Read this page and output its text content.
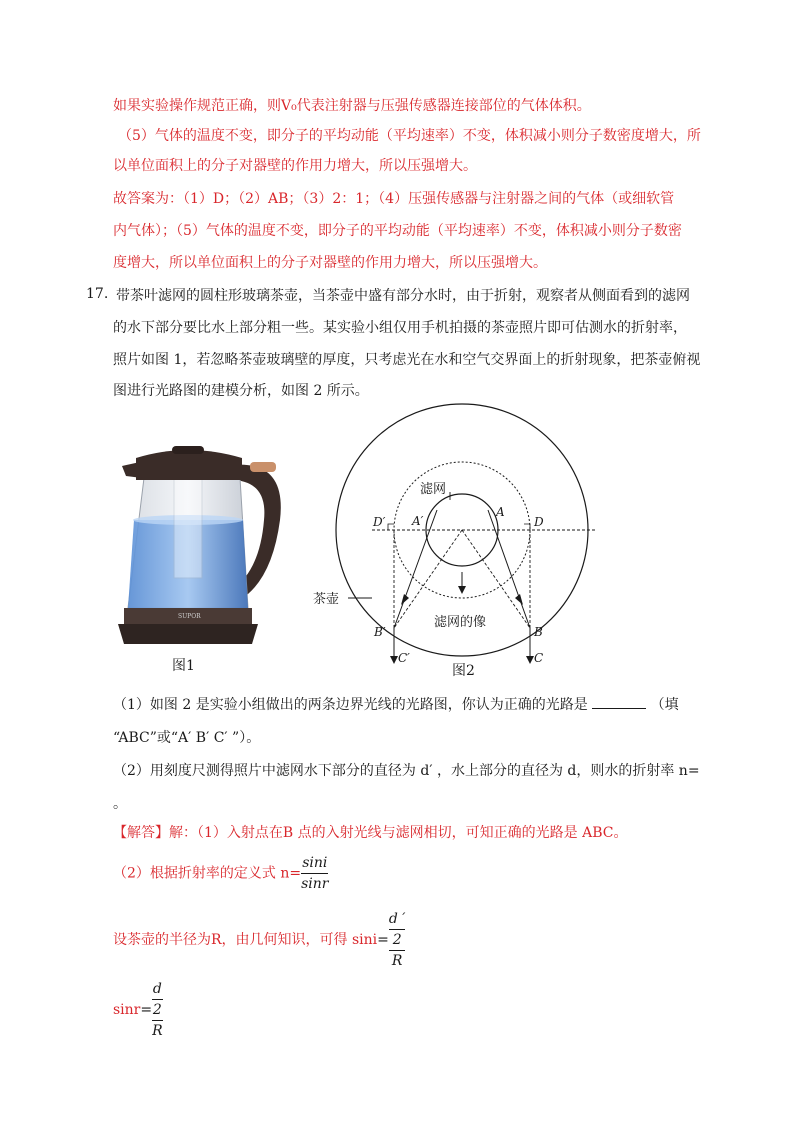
如果实验操作规范正确，则V₀代表注射器与压强传感器连接部位的气体体积。
（5）气体的温度不变，即分子的平均动能（平均速率）不变，体积减小则分子数密度增大，所
以单位面积上的分子对器壁的作用力增大，所以压强增大。
故答案为：（1）D；（2）AB；（3）2：1；（4）压强传感器与注射器之间的气体（或细软管
内气体）；（5）气体的温度不变，即分子的平均动能（平均速率）不变，体积减小则分子数密
度增大，所以单位面积上的分子对器壁的作用力增大，所以压强增大。
17. 带茶叶滤网的圆柱形玻璃茶壶，当茶壶中盛有部分水时，由于折射，观察者从侧面看到的滤网
的水下部分要比水上部分粗一些。某实验小组仅用手机拍摄的茶壶照片即可估测水的折射率，
照片如图 1，若忽略茶壶玻璃壁的厚度，只考虑光在水和空气交界面上的折射现象，把茶壶俯视
图进行光路图的建模分析，如图 2 所示。
SUPOR
图1
滤网
A′
A
D′	D
茶壶
滤网的像
B′	B
C′	C
图2
（1）如图 2 是实验小组做出的两条边界光线的光路图，你认为正确的光路是	（填
“ABC”或“A′ B′ C′ ”）。
（2）用刻度尺测得照片中滤网水下部分的直径为 d′ ，水上部分的直径为 d，则水的折射率 n=
。
【解答】解：（1）入射点在B 点的入射光线与滤网相切，可知正确的光路是 ABC。
（2）根据折射率的定义式 $n= \frac{\sin i}{\sin r}$
设茶壶的半径为R，由几何知识，可得 sini=
d ′
2
R
sinr=
d
2
R
